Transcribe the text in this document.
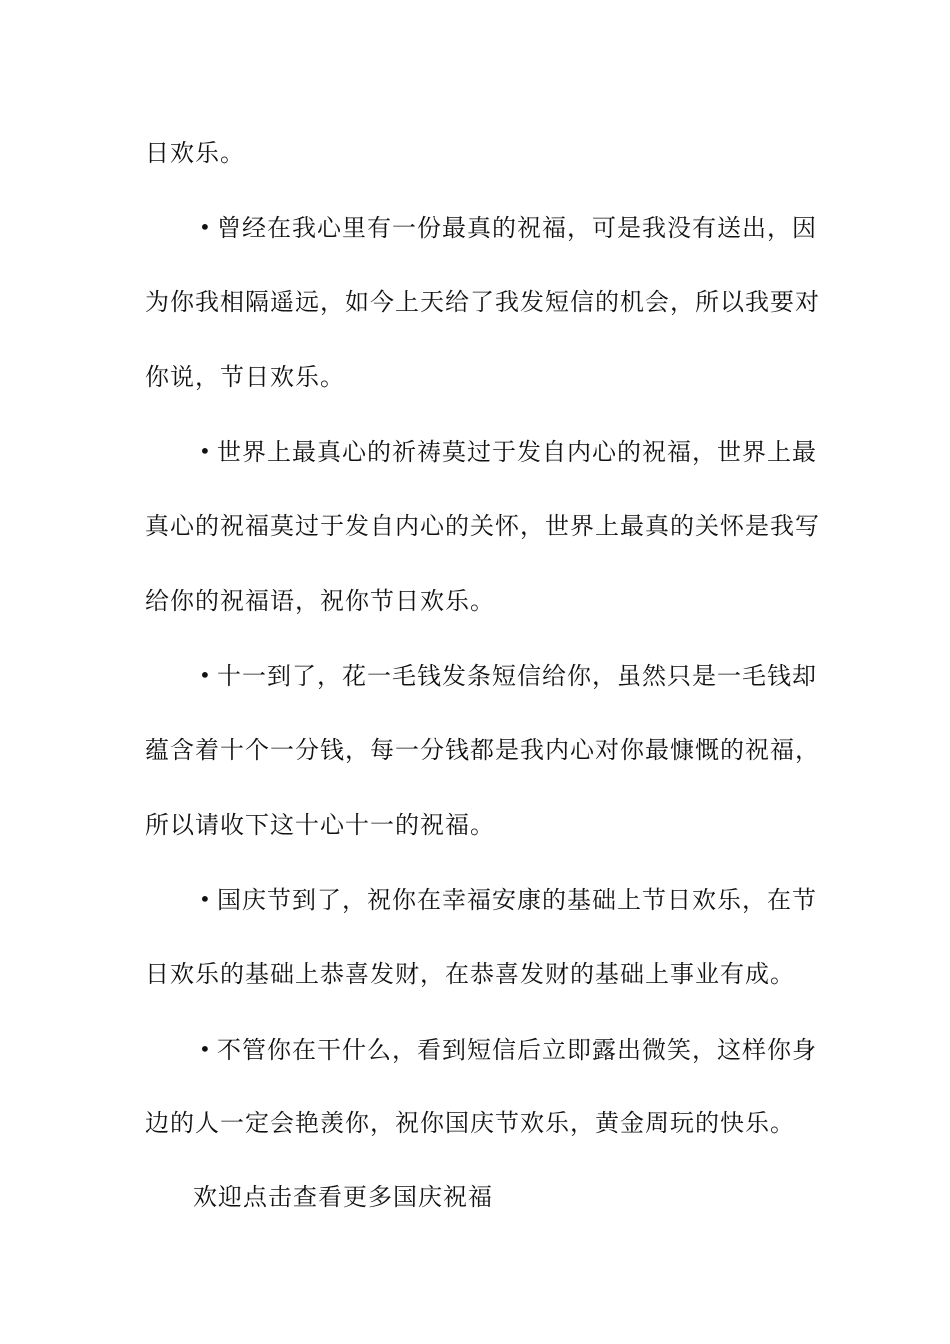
日欢乐。
• 曾经在我心里有一份最真的祝福，可是我没有送出，因
为你我相隔遥远，如今上天给了我发短信的机会，所以我要对
你说，节日欢乐。
• 世界上最真心的祈祷莫过于发自内心的祝福，世界上最
真心的祝福莫过于发自内心的关怀，世界上最真的关怀是我写
给你的祝福语，祝你节日欢乐。
• 十一到了，花一毛钱发条短信给你，虽然只是一毛钱却
蕴含着十个一分钱，每一分钱都是我内心对你最慷慨的祝福，
所以请收下这十心十一的祝福。
• 国庆节到了，祝你在幸福安康的基础上节日欢乐，在节
日欢乐的基础上恭喜发财，在恭喜发财的基础上事业有成。
• 不管你在干什么，看到短信后立即露出微笑，这样你身
边的人一定会艳羡你，祝你国庆节欢乐，黄金周玩的快乐。
欢迎点击查看更多国庆祝福
